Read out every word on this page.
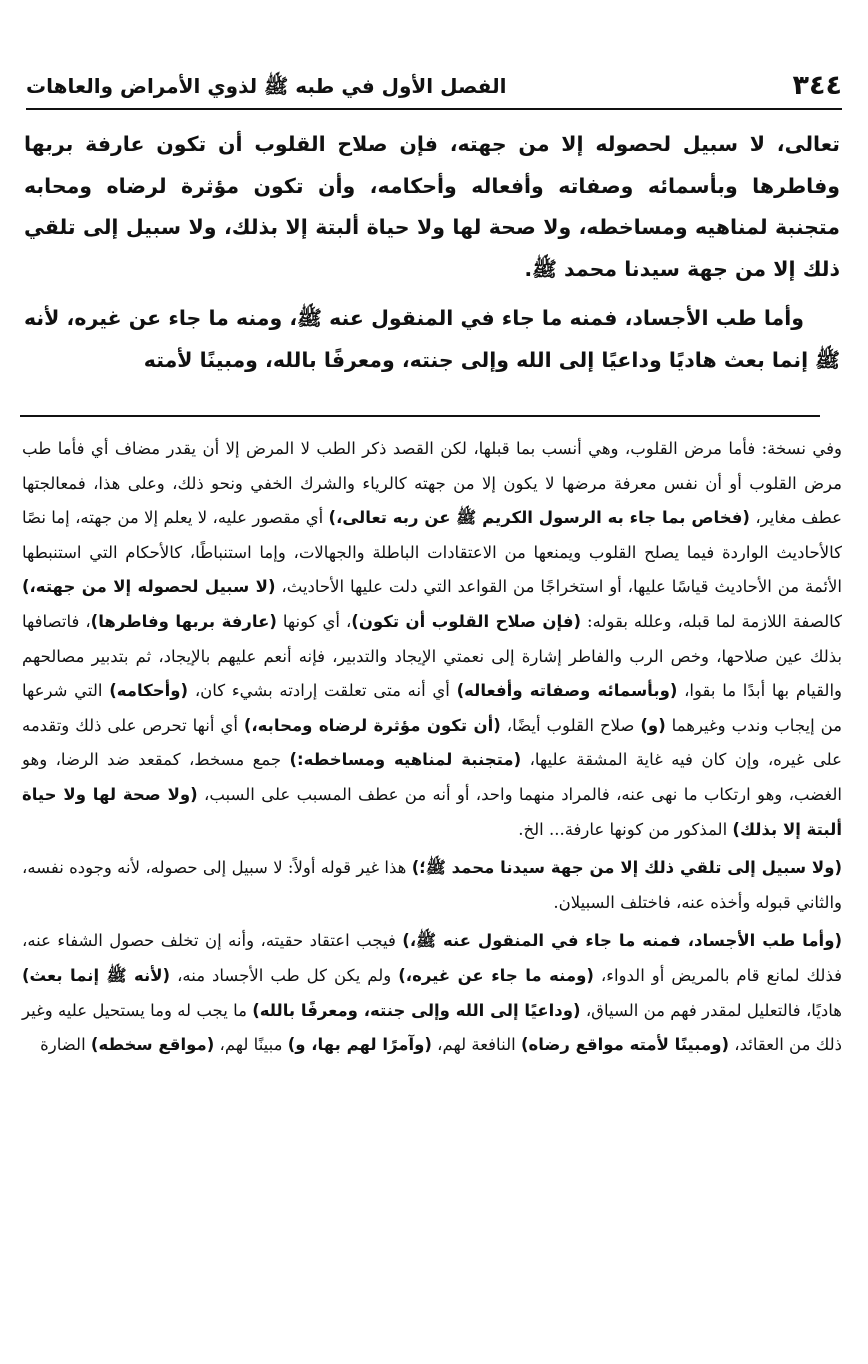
٣٤٤
الفصل الأول في طبه ﷺ لذوي الأمراض والعاهات

تعالى، لا سبيل لحصوله إلا من جهته، فإن صلاح القلوب أن تكون عارفة بربها وفاطرها وبأسمائه وصفاته وأفعاله وأحكامه، وأن تكون مؤثرة لرضاه ومحابه متجنبة لمناهيه ومساخطه، ولا صحة لها ولا حياة ألبتة إلا بذلك، ولا سبيل إلى تلقي ذلك إلا من جهة سيدنا محمد ﷺ.

وأما طب الأجساد، فمنه ما جاء في المنقول عنه ﷺ، ومنه ما جاء عن غيره، لأنه ﷺ إنما بعث هاديًا وداعيًا إلى الله وإلى جنته، ومعرفًا بالله، ومبينًا لأمته

وفي نسخة: فأما مرض القلوب، وهي أنسب بما قبلها، لكن القصد ذكر الطب لا المرض إلا أن يقدر مضاف أي فأما طب مرض القلوب أو أن نفس معرفة مرضها لا يكون إلا من جهته كالرياء والشرك الخفي ونحو ذلك، وعلى هذا، فمعالجتها عطف مغاير، (فخاص بما جاء به الرسول الكريم ﷺ عن ربه تعالى،) أي مقصور عليه، لا يعلم إلا من جهته، إما نصًا كالأحاديث الواردة فيما يصلح القلوب ويمنعها من الاعتقادات الباطلة والجهالات، وإما استنباطًا، كالأحكام التي استنبطها الأئمة من الأحاديث قياسًا عليها، أو استخراجًا من القواعد التي دلت عليها الأحاديث، (لا سبيل لحصوله إلا من جهته،) كالصفة اللازمة لما قبله، وعلله بقوله: (فإن صلاح القلوب أن تكون)، أي كونها (عارفة بربها وفاطرها)، فاتصافها بذلك عين صلاحها، وخص الرب والفاطر إشارة إلى نعمتي الإيجاد والتدبير، فإنه أنعم عليهم بالإيجاد، ثم بتدبير مصالحهم والقيام بها أبدًا ما بقوا، (وبأسمائه وصفاته وأفعاله) أي أنه متى تعلقت إرادته بشيء كان، (وأحكامه) التي شرعها من إيجاب وندب وغيرهما (و) صلاح القلوب أيضًا، (أن تكون مؤثرة لرضاه ومحابه،) أي أنها تحرص على ذلك وتقدمه على غيره، وإن كان فيه غاية المشقة عليها، (متجنبة لمناهيه ومساخطه:) جمع مسخط، كمقعد ضد الرضا، وهو الغضب، وهو ارتكاب ما نهى عنه، فالمراد منهما واحد، أو أنه من عطف المسبب على السبب، (ولا صحة لها ولا حياة ألبتة إلا بذلك) المذكور من كونها عارفة... الخ.

(ولا سبيل إلى تلقي ذلك إلا من جهة سيدنا محمد ﷺ؛) هذا غير قوله أولاً: لا سبيل إلى حصوله، لأنه وجوده نفسه، والثاني قبوله وأخذه عنه، فاختلف السبيلان.

(وأما طب الأجساد، فمنه ما جاء في المنقول عنه ﷺ،) فيجب اعتقاد حقيته، وأنه إن تخلف حصول الشفاء عنه، فذلك لمانع قام بالمريض أو الدواء، (ومنه ما جاء عن غيره،) ولم يكن كل طب الأجساد منه، (لأنه ﷺ إنما بعث) هاديًا، فالتعليل لمقدر فهم من السياق، (وداعيًا إلى الله وإلى جنته، ومعرفًا بالله) ما يجب له وما يستحيل عليه وغير ذلك من العقائد، (ومبينًا لأمته مواقع رضاه) النافعة لهم، (وآمرًا لهم بها، و) مبينًا لهم، (مواقع سخطه) الضارة
